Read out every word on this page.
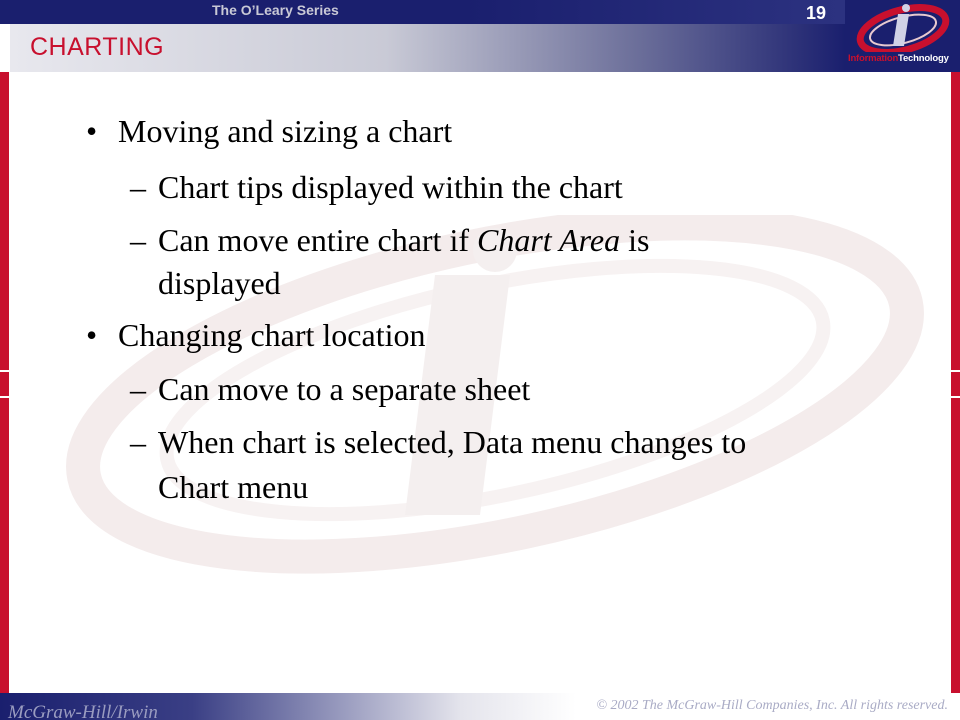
The O’Leary Series	19
CHARTING	InformationTechnology
• Moving and sizing a chart
– Chart tips displayed within the chart
– Can move entire chart if Chart Area is
displayed
• Changing chart location
– Can move to a separate sheet
– When chart is selected, Data menu changes to
Chart menu
McGraw-Hill/Irwin	© 2002 The McGraw-Hill Companies, Inc. All rights reserved.
